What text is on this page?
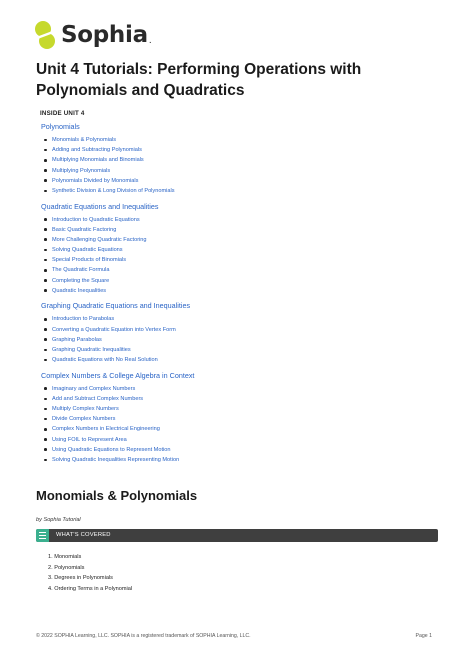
Sophia .
Unit 4 Tutorials: Performing Operations with Polynomials and Quadratics
INSIDE UNIT 4
Polynomials
Monomials & Polynomials
Adding and Subtracting Polynomials
Multiplying Monomials and Binomials
Multiplying Polynomials
Polynomials Divided by Monomials
Synthetic Division & Long Division of Polynomials
Quadratic Equations and Inequalities
Introduction to Quadratic Equations
Basic Quadratic Factoring
More Challenging Quadratic Factoring
Solving Quadratic Equations
Special Products of Binomials
The Quadratic Formula
Completing the Square
Quadratic Inequalities
Graphing Quadratic Equations and Inequalities
Introduction to Parabolas
Converting a Quadratic Equation into Vertex Form
Graphing Parabolas
Graphing Quadratic Inequalities
Quadratic Equations with No Real Solution
Complex Numbers & College Algebra in Context
Imaginary and Complex Numbers
Add and Subtract Complex Numbers
Multiply Complex Numbers
Divide Complex Numbers
Complex Numbers in Electrical Engineering
Using FOIL to Represent Area
Using Quadratic Equations to Represent Motion
Solving Quadratic Inequalities Representing Motion
Monomials & Polynomials
by Sophia Tutorial
WHAT'S COVERED
1. Monomials
2. Polynomials
3. Degrees in Polynomials
4. Ordering Terms in a Polynomial
© 2022 SOPHIA Learning, LLC. SOPHIA is a registered trademark of SOPHIA Learning, LLC.	Page 1
